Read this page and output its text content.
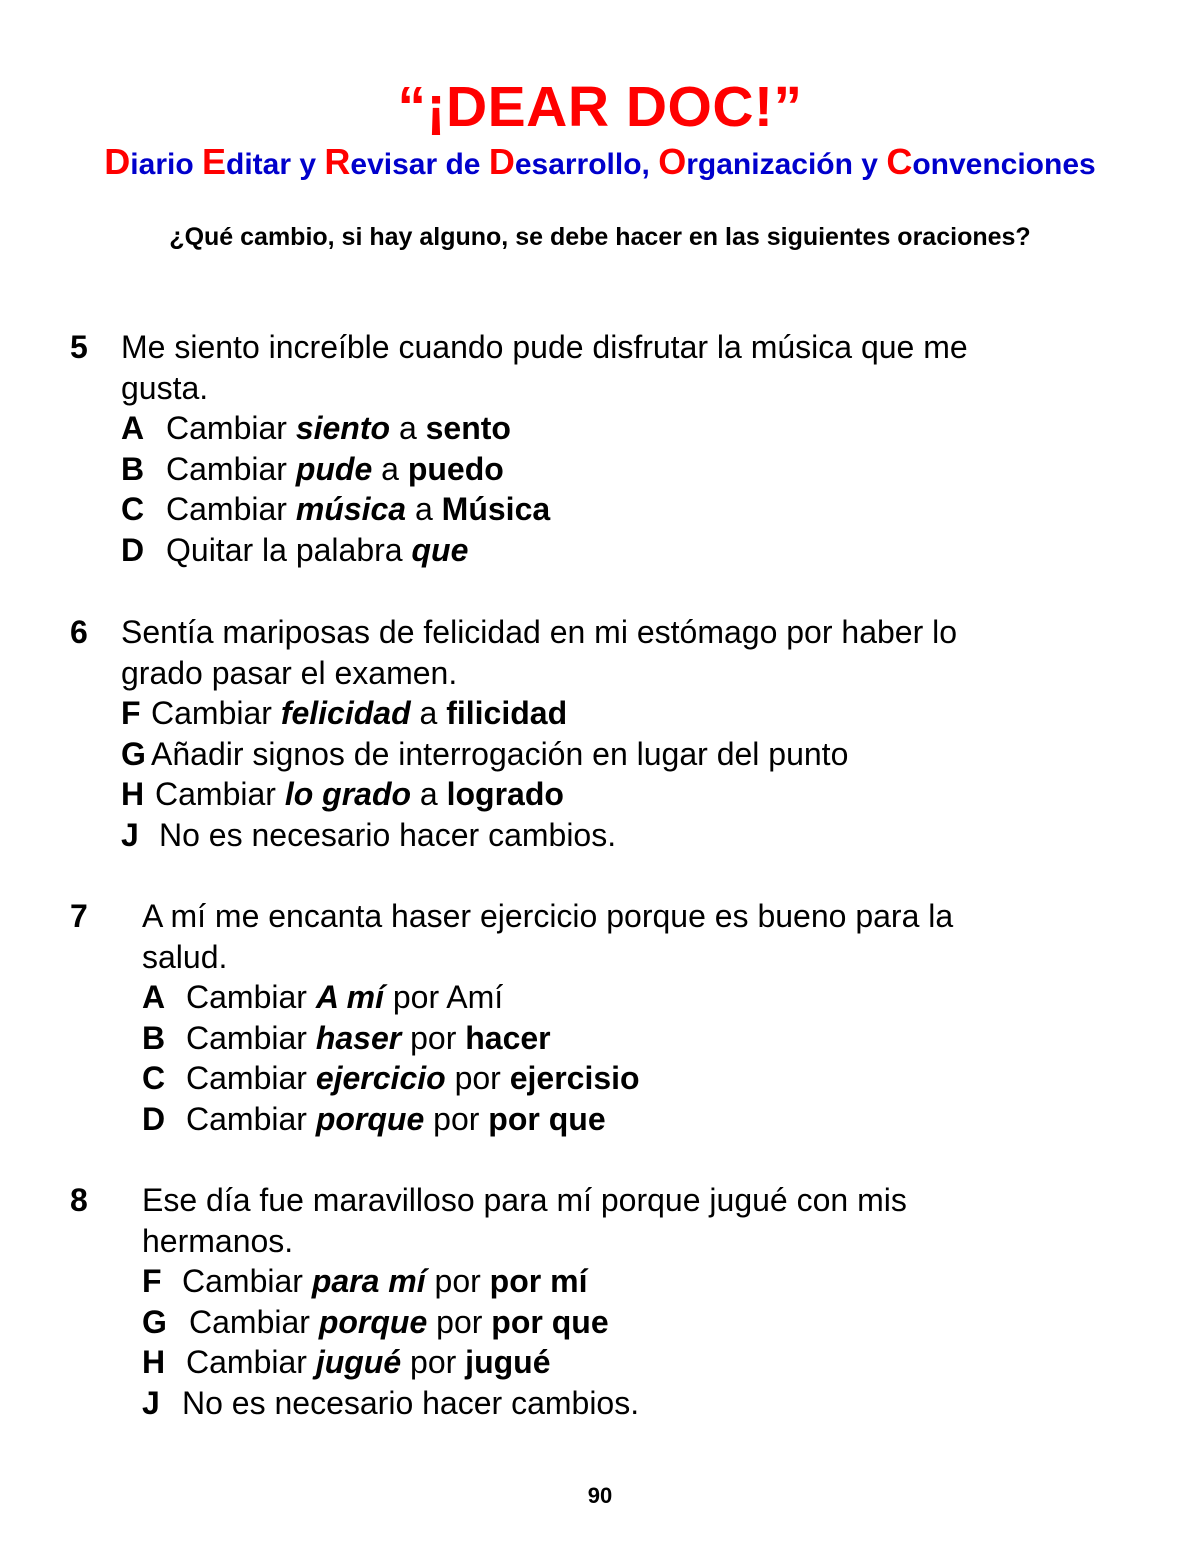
“¡DEAR DOC!”
Diario Editar y Revisar de Desarrollo, Organización y Convenciones
¿Qué cambio, si hay alguno, se debe hacer en las siguientes oraciones?
5 Me siento increíble cuando pude disfrutar la música que me
gusta.
A Cambiar siento a sento
B Cambiar pude a puedo
C Cambiar música a Música
D Quitar la palabra que
6 Sentía mariposas de felicidad en mi estómago por haber lo
grado pasar el examen.
F Cambiar felicidad a filicidad
G Añadir signos de interrogación en lugar del punto
H Cambiar lo grado a logrado
J No es necesario hacer cambios.
7 A mí me encanta haser ejercicio porque es bueno para la
salud.
A Cambiar A mí por Amí
B Cambiar haser por hacer
C Cambiar ejercicio por ejercisio
D Cambiar porque por por que
8 Ese día fue maravilloso para mí porque jugué con mis
hermanos.
F Cambiar para mí por por mí
G Cambiar porque por por que
H Cambiar jugué por jugué
J No es necesario hacer cambios.
90
